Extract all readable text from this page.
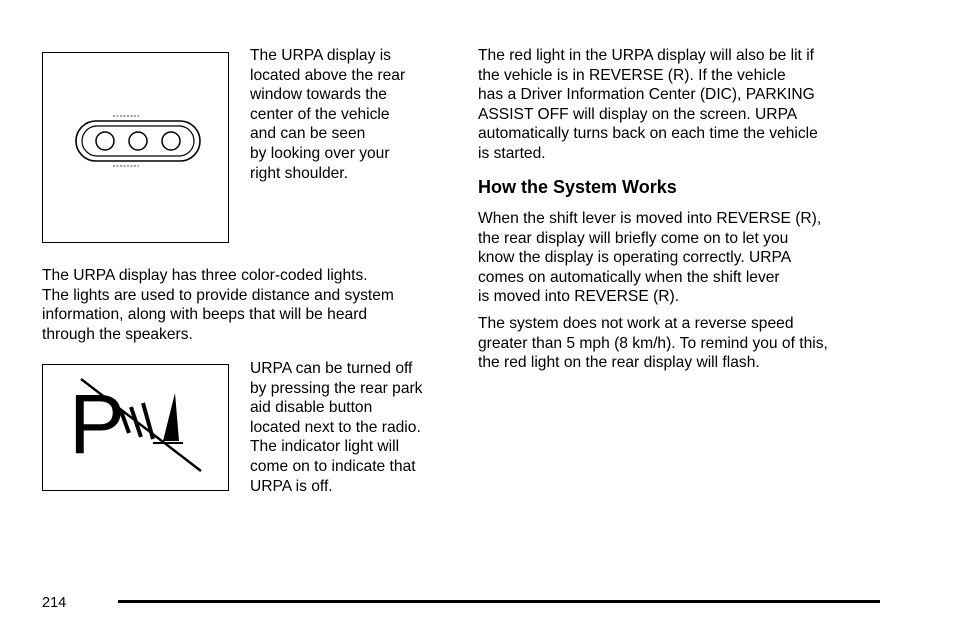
The URPA display is
located above the rear
window towards the
center of the vehicle
and can be seen
by looking over your
right shoulder.

The URPA display has three color-coded lights.
The lights are used to provide distance and system
information, along with beeps that will be heard
through the speakers.

P

URPA can be turned off
by pressing the rear park
aid disable button
located next to the radio.
The indicator light will
come on to indicate that
URPA is off.

The red light in the URPA display will also be lit if
the vehicle is in REVERSE (R). If the vehicle
has a Driver Information Center (DIC), PARKING
ASSIST OFF will display on the screen. URPA
automatically turns back on each time the vehicle
is started.

How the System Works

When the shift lever is moved into REVERSE (R),
the rear display will briefly come on to let you
know the display is operating correctly. URPA
comes on automatically when the shift lever
is moved into REVERSE (R).

The system does not work at a reverse speed
greater than 5 mph (8 km/h). To remind you of this,
the red light on the rear display will flash.

214
